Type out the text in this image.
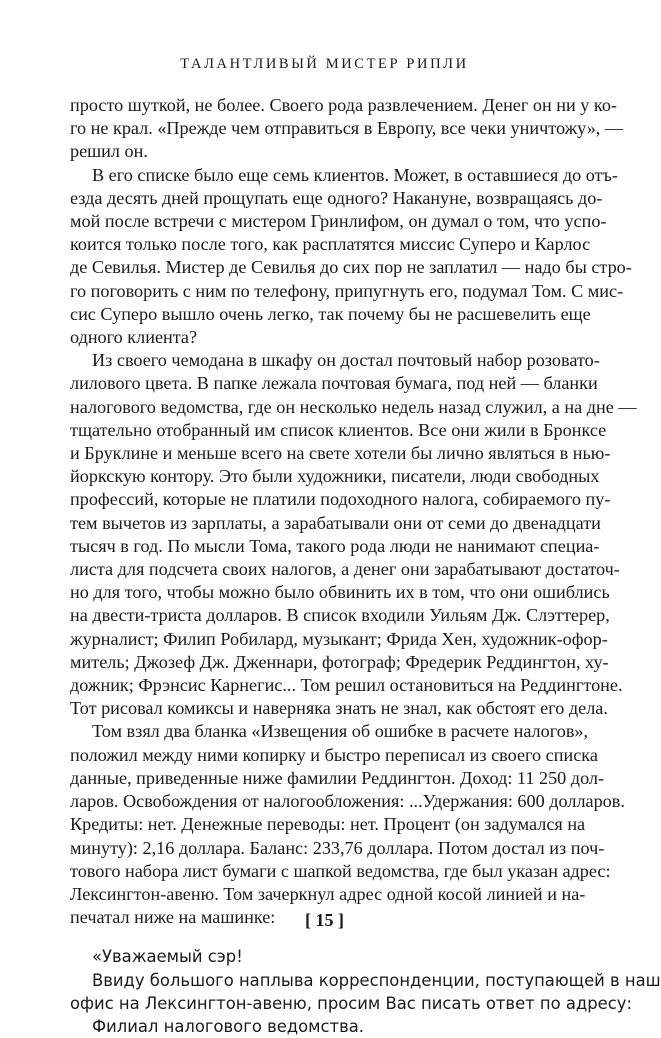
ТАЛАНТЛИВЫЙ МИСТЕР РИПЛИ
просто шуткой, не более. Своего рода развлечением. Денег он ни у ко-
го не крал. «Прежде чем отправиться в Европу, все чеки уничтожу», —
решил он.
В его списке было еще семь клиентов. Может, в оставшиеся до отъ-
езда десять дней прощупать еще одного? Накануне, возвращаясь до-
мой после встречи с мистером Гринлифом, он думал о том, что успо-
коится только после того, как расплатятся миссис Суперо и Карлос
де Севилья. Мистер де Севилья до сих пор не заплатил — надо бы стро-
го поговорить с ним по телефону, припугнуть его, подумал Том. С мис-
сис Суперо вышло очень легко, так почему бы не расшевелить еще
одного клиента?
Из своего чемодана в шкафу он достал почтовый набор розовато-
лилового цвета. В папке лежала почтовая бумага, под ней — бланки
налогового ведомства, где он несколько недель назад служил, а на дне —
тщательно отобранный им список клиентов. Все они жили в Бронксе
и Бруклине и меньше всего на свете хотели бы лично являться в нью-
йоркскую контору. Это были художники, писатели, люди свободных
профессий, которые не платили подоходного налога, собираемого пу-
тем вычетов из зарплаты, а зарабатывали они от семи до двенадцати
тысяч в год. По мысли Тома, такого рода люди не нанимают специа-
листа для подсчета своих налогов, а денег они зарабатывают достаточ-
но для того, чтобы можно было обвинить их в том, что они ошиблись
на двести-триста долларов. В список входили Уильям Дж. Слэттерер,
журналист; Филип Робилард, музыкант; Фрида Хен, художник-офор-
митель; Джозеф Дж. Дженнари, фотограф; Фредерик Реддингтон, ху-
дожник; Фрэнсис Карнегис... Том решил остановиться на Реддингтоне.
Тот рисовал комиксы и наверняка знать не знал, как обстоят его дела.
Том взял два бланка «Извещения об ошибке в расчете налогов»,
положил между ними копирку и быстро переписал из своего списка
данные, приведенные ниже фамилии Реддингтон. Доход: 11 250 дол-
ларов. Освобождения от налогообложения: ...Удержания: 600 долларов.
Кредиты: нет. Денежные переводы: нет. Процент (он задумался на
минуту): 2,16 доллара. Баланс: 233,76 доллара. Потом достал из поч-
тового набора лист бумаги с шапкой ведомства, где был указан адрес:
Лексингтон-авеню. Том зачеркнул адрес одной косой линией и на-
печатал ниже на машинке:
«Уважаемый сэр!
Ввиду большого наплыва корреспонденции, поступающей в наш
офис на Лексингтон-авеню, просим Вас писать ответ по адресу:
Филиал налогового ведомства.
[ 15 ]
